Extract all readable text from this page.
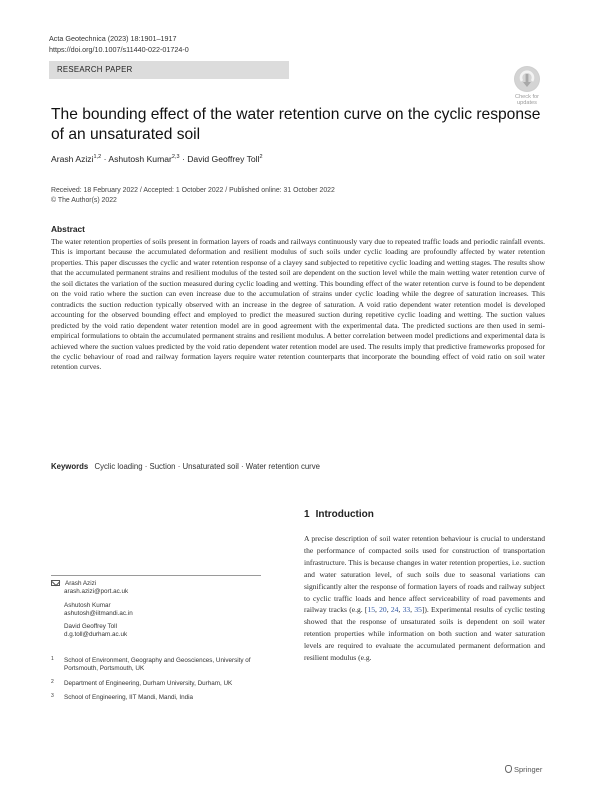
Acta Geotechnica (2023) 18:1901–1917
https://doi.org/10.1007/s11440-022-01724-0
RESEARCH PAPER
Check for
updates
The bounding effect of the water retention curve on the cyclic response of an unsaturated soil
Arash Azizi$^{1,2}$ · Ashutosh Kumar$^{2,3}$ · David Geoffrey Toll$^2$
Received: 18 February 2022 / Accepted: 1 October 2022 / Published online: 31 October 2022
© The Author(s) 2022
Abstract
The water retention properties of soils present in formation layers of roads and railways continuously vary due to repeated traffic loads and periodic rainfall events. This is important because the accumulated deformation and resilient modulus of such soils under cyclic loading are profoundly affected by water retention properties. This paper discusses the cyclic and water retention response of a clayey sand subjected to repetitive cyclic loading and wetting stages. The results show that the accumulated permanent strains and resilient modulus of the tested soil are dependent on the suction level while the main wetting water retention curve of the soil dictates the variation of the suction measured during cyclic loading and wetting. This bounding effect of the water retention curve is found to be dependent on the void ratio where the suction can even increase due to the accumulation of strains under cyclic loading while the degree of saturation increases. This contradicts the suction reduction typically observed with an increase in the degree of saturation. A void ratio dependent water retention model is developed accounting for the observed bounding effect and employed to predict the measured suction during repetitive cyclic loading and wetting. The suction values predicted by the void ratio dependent water retention model are in good agreement with the experimental data. The predicted suctions are then used in semi-empirical formulations to obtain the accumulated permanent strains and resilient modulus. A better correlation between model predictions and experimental data is achieved where the suction values predicted by the void ratio dependent water retention model are used. The results imply that predictive frameworks proposed for the cyclic behaviour of road and railway formation layers require water retention counterparts that incorporate the bounding effect of void ratio on soil water retention curves.
Keywords Cyclic loading · Suction · Unsaturated soil · Water retention curve
1 Introduction
A precise description of soil water retention behaviour is crucial to understand the performance of compacted soils used for construction of transportation infrastructure. This is because changes in water retention properties, i.e. suction and water saturation level, of such soils due to seasonal variations can significantly alter the response of formation layers of roads and railway subject to cyclic traffic loads and hence affect serviceability of road pavements and railway tracks (e.g. [15, 20, 24, 33, 35]). Experimental results of cyclic testing showed that the response of unsaturated soils is dependent on soil water retention properties while information on both suction and water saturation levels are required to evaluate the accumulated permanent deformation and resilient modulus (e.g.
Arash Azizi
arash.azizi@port.ac.uk
Ashutosh Kumar
ashutosh@iitmandi.ac.in
David Geoffrey Toll
d.g.toll@durham.ac.uk
1 School of Environment, Geography and Geosciences, University of Portsmouth, Portsmouth, UK
2 Department of Engineering, Durham University, Durham, UK
3 School of Engineering, IIT Mandi, Mandi, India
Springer
